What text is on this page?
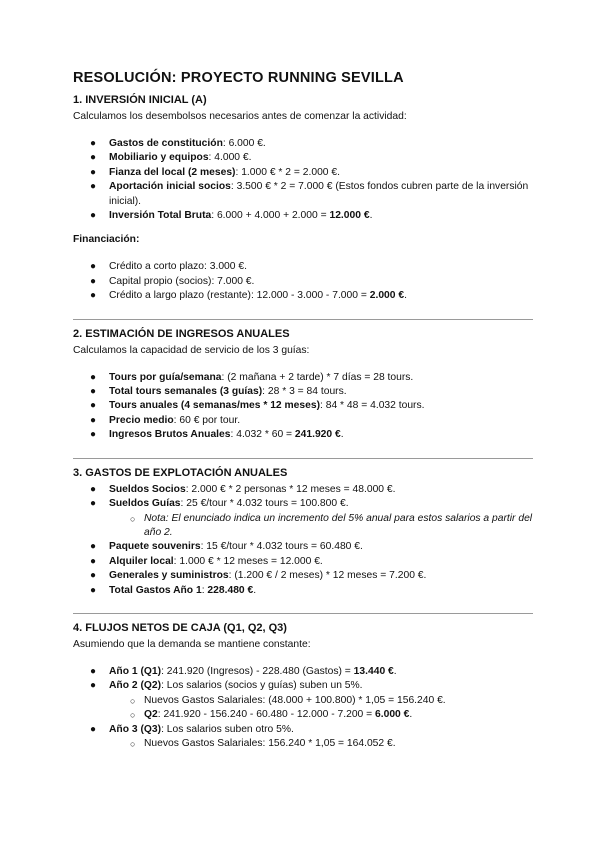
RESOLUCIÓN: PROYECTO RUNNING SEVILLA
1. INVERSIÓN INICIAL (A)

Calculamos los desembolsos necesarios antes de comenzar la actividad:

● Gastos de constitución: 6.000 €.
● Mobiliario y equipos: 4.000 €.
● Fianza del local (2 meses): 1.000 € * 2 = 2.000 €.
● Aportación inicial socios: 3.500 € * 2 = 7.000 € (Estos fondos cubren parte de la inversión inicial).
● Inversión Total Bruta: 6.000 + 4.000 + 2.000 = 12.000 €.

Financiación:

● Crédito a corto plazo: 3.000 €.
● Capital propio (socios): 7.000 €.
● Crédito a largo plazo (restante): 12.000 - 3.000 - 7.000 = 2.000 €.
2. ESTIMACIÓN DE INGRESOS ANUALES

Calculamos la capacidad de servicio de los 3 guías:

● Tours por guía/semana: (2 mañana + 2 tarde) * 7 días = 28 tours.
● Total tours semanales (3 guías): 28 * 3 = 84 tours.
● Tours anuales (4 semanas/mes * 12 meses): 84 * 48 = 4.032 tours.
● Precio medio: 60 € por tour.
● Ingresos Brutos Anuales: 4.032 * 60 = 241.920 €.
3. GASTOS DE EXPLOTACIÓN ANUALES
● Sueldos Socios: 2.000 € * 2 personas * 12 meses = 48.000 €.
● Sueldos Guías: 25 €/tour * 4.032 tours = 100.800 €.
○ Nota: El enunciado indica un incremento del 5% anual para estos salarios a partir del año 2.
● Paquete souvenirs: 15 €/tour * 4.032 tours = 60.480 €.
● Alquiler local: 1.000 € * 12 meses = 12.000 €.
● Generales y suministros: (1.200 € / 2 meses) * 12 meses = 7.200 €.
● Total Gastos Año 1: 228.480 €.
4. FLUJOS NETOS DE CAJA (Q1, Q2, Q3)

Asumiendo que la demanda se mantiene constante:

● Año 1 (Q1): 241.920 (Ingresos) - 228.480 (Gastos) = 13.440 €.
● Año 2 (Q2): Los salarios (socios y guías) suben un 5%.
○ Nuevos Gastos Salariales: (48.000 + 100.800) * 1,05 = 156.240 €.
○ Q2: 241.920 - 156.240 - 60.480 - 12.000 - 7.200 = 6.000 €.
● Año 3 (Q3): Los salarios suben otro 5%.
○ Nuevos Gastos Salariales: 156.240 * 1,05 = 164.052 €.
